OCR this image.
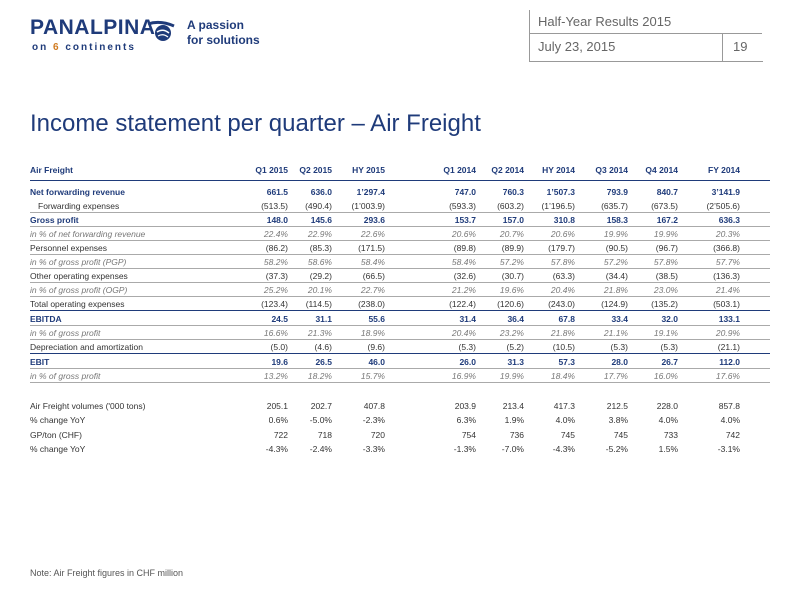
PANALPINA
on 6 continents
A passion
for solutions
Half-Year Results 2015
July 23, 2015	19
Income statement per quarter – Air Freight
Air Freight	Q1 2015	Q2 2015	HY 2015	Q1 2014	Q2 2014	HY 2014	Q3 2014	Q4 2014	FY 2014
Net forwarding revenue	661.5	636.0	1’297.4	747.0	760.3	1’507.3	793.9	840.7	3’141.9
Forwarding expenses	(513.5)	(490.4)	(1’003.9)	(593.3)	(603.2)	(1’196.5)	(635.7)	(673.5)	(2’505.6)
Gross profit	148.0	145.6	293.6	153.7	157.0	310.8	158.3	167.2	636.3
in % of net forwarding revenue	22.4%	22.9%	22.6%	20.6%	20.7%	20.6%	19.9%	19.9%	20.3%
Personnel expenses	(86.2)	(85.3)	(171.5)	(89.8)	(89.9)	(179.7)	(90.5)	(96.7)	(366.8)
in % of gross profit (PGP)	58.2%	58.6%	58.4%	58.4%	57.2%	57.8%	57.2%	57.8%	57.7%
Other operating expenses	(37.3)	(29.2)	(66.5)	(32.6)	(30.7)	(63.3)	(34.4)	(38.5)	(136.3)
in % of gross profit (OGP)	25.2%	20.1%	22.7%	21.2%	19.6%	20.4%	21.8%	23.0%	21.4%
Total operating expenses	(123.4)	(114.5)	(238.0)	(122.4)	(120.6)	(243.0)	(124.9)	(135.2)	(503.1)
EBITDA	24.5	31.1	55.6	31.4	36.4	67.8	33.4	32.0	133.1
in % of gross profit	16.6%	21.3%	18.9%	20.4%	23.2%	21.8%	21.1%	19.1%	20.9%
Depreciation and amortization	(5.0)	(4.6)	(9.6)	(5.3)	(5.2)	(10.5)	(5.3)	(5.3)	(21.1)
EBIT	19.6	26.5	46.0	26.0	31.3	57.3	28.0	26.7	112.0
in % of gross profit	13.2%	18.2%	15.7%	16.9%	19.9%	18.4%	17.7%	16.0%	17.6%
Air Freight volumes ('000 tons)	205.1	202.7	407.8	203.9	213.4	417.3	212.5	228.0	857.8
% change YoY	0.6%	-5.0%	-2.3%	6.3%	1.9%	4.0%	3.8%	4.0%	4.0%
GP/ton (CHF)	722	718	720	754	736	745	745	733	742
% change YoY	-4.3%	-2.4%	-3.3%	-1.3%	-7.0%	-4.3%	-5.2%	1.5%	-3.1%
Note: Air Freight figures in CHF million
